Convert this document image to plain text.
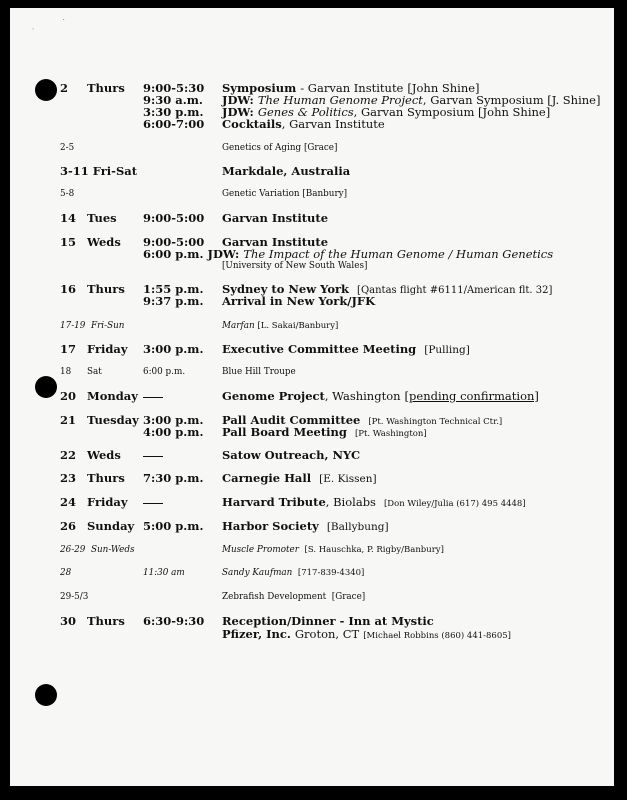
ˎ	˙
2 Thurs 9:00-5:30 Symposium - Garvan Institute [John Shine]
9:30 a.m. JDW: The Human Genome Project, Garvan Symposium [J. Shine]
3:30 p.m. JDW: Genes & Politics, Garvan Symposium [John Shine]
6:00-7:00 Cocktails, Garvan Institute
2-5	Genetics of Aging [Grace]
3-11 Fri-Sat	Markdale, Australia
5-8	Genetic Variation [Banbury]
14 Tues 9:00-5:00 Garvan Institute
15 Weds 9:00-5:00 Garvan Institute
6:00 p.m. JDW: The Impact of the Human Genome / Human Genetics
[University of New South Wales]
16 Thurs 1:55 p.m. Sydney to New York [Qantas flight #6111/American flt. 32]
9:37 p.m. Arrival in New York/JFK
17-19 Fri-Sun	Marfan [L. Sakai/Banbury]
17 Friday 3:00 p.m. Executive Committee Meeting [Pulling]
18 Sat	6:00 p.m.	Blue Hill Troupe
20 Monday	Genome Project, Washington [pending confirmation]
21 Tuesday 3:00 p.m. Pall Audit Committee [Pt. Washington Technical Ctr.]
4:00 p.m. Pall Board Meeting [Pt. Washington]
22 Weds	Satow Outreach, NYC
23 Thurs 7:30 p.m. Carnegie Hall [E. Kissen]
24 Friday	Harvard Tribute, Biolabs [Don Wiley/Julia (617) 495 4448]
26 Sunday 5:00 p.m. Harbor Society [Ballybung]
26-29 Sun-Weds	Muscle Promoter [S. Hauschka, P. Rigby/Banbury]
28	11:30 am	Sandy Kaufman [717-839-4340]
29-5/3	Zebrafish Development [Grace]
30 Thurs 6:30-9:30 Reception/Dinner - Inn at Mystic
Pfizer, Inc. Groton, CT [Michael Robbins (860) 441-8605]
